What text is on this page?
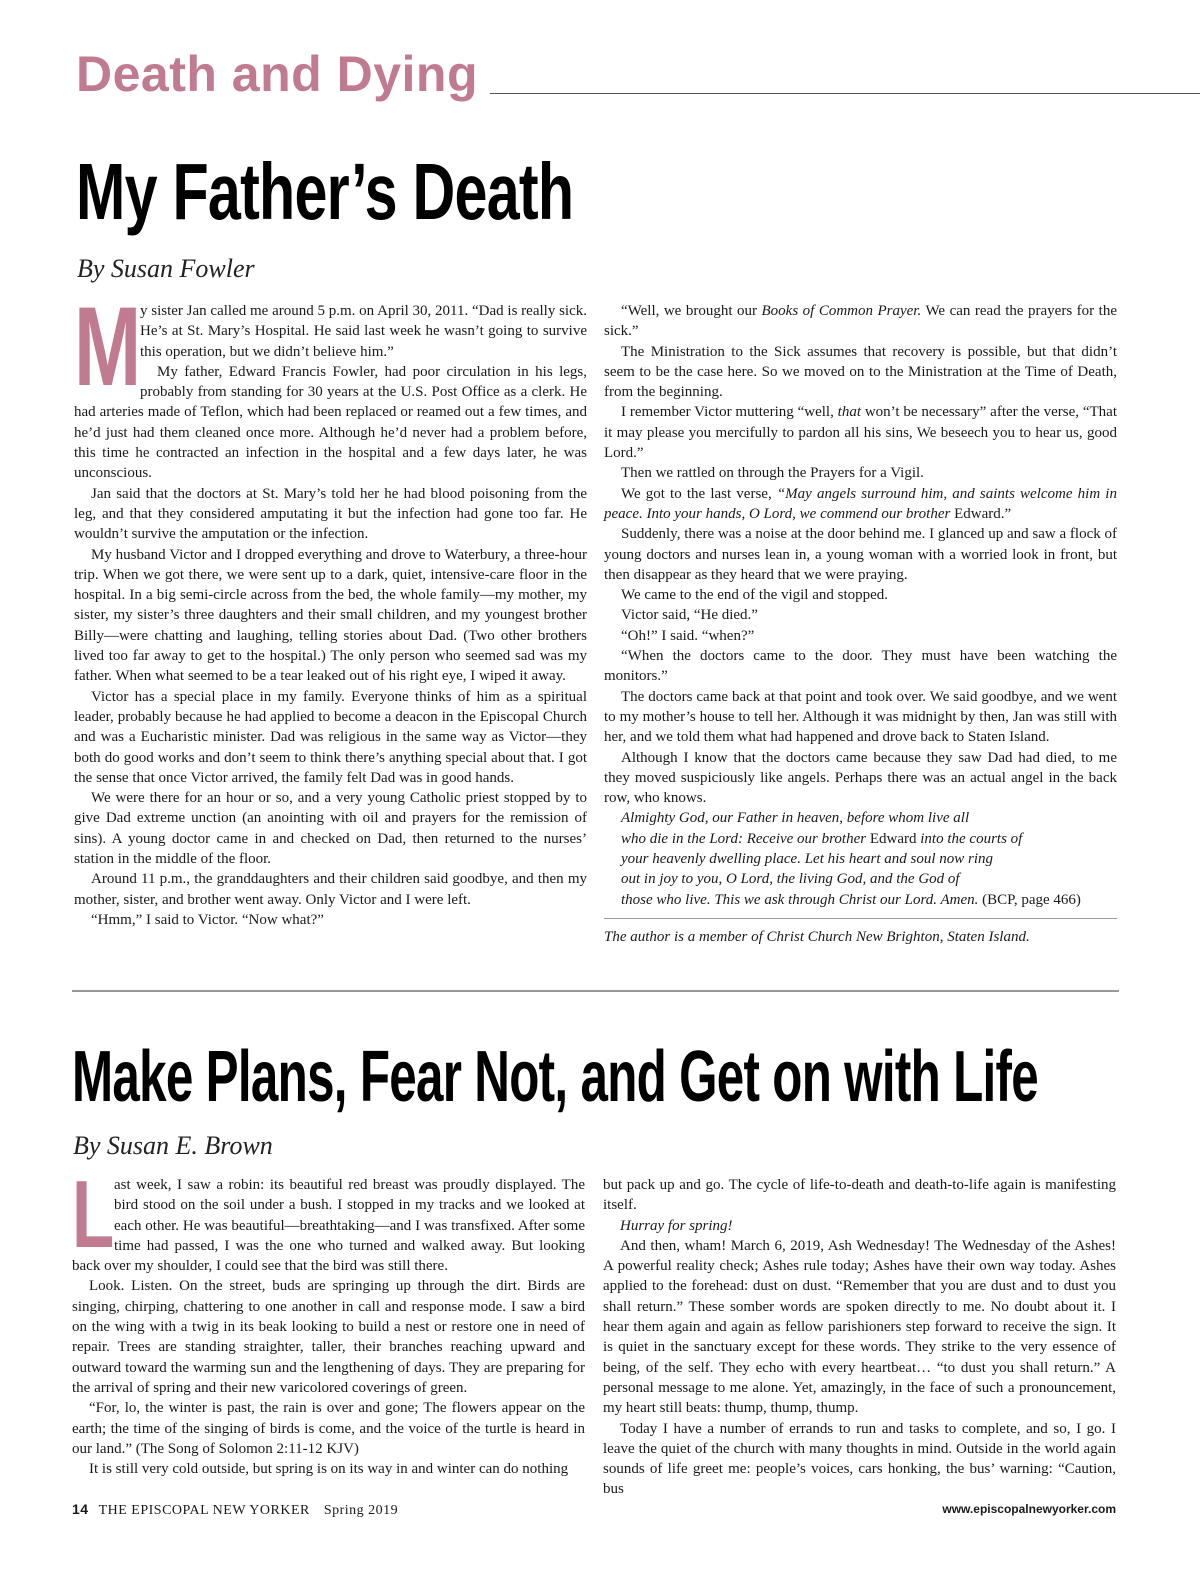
Death and Dying
My Father’s Death
By Susan Fowler

M
y sister Jan called me around 5 p.m. on April 30, 2011. “Dad is really sick. He’s at St. Mary’s Hospital. He said last week he wasn’t going to survive this operation, but we didn’t believe him.”

My father, Edward Francis Fowler, had poor circulation in his legs, probably from standing for 30 years at the U.S. Post Office as a clerk. He had arteries made of Teflon, which had been replaced or reamed out a few times, and he’d just had them cleaned once more. Although he’d never had a problem before, this time he contracted an infection in the hospital and a few days later, he was unconscious.

Jan said that the doctors at St. Mary’s told her he had blood poisoning from the leg, and that they considered amputating it but the infection had gone too far. He wouldn’t survive the amputation or the infection.

My husband Victor and I dropped everything and drove to Waterbury, a three-hour trip. When we got there, we were sent up to a dark, quiet, intensive-care floor in the hospital. In a big semi-circle across from the bed, the whole family—my mother, my sister, my sister’s three daughters and their small children, and my youngest brother Billy—were chatting and laughing, telling stories about Dad. (Two other brothers lived too far away to get to the hospital.) The only person who seemed sad was my father. When what seemed to be a tear leaked out of his right eye, I wiped it away.

Victor has a special place in my family. Everyone thinks of him as a spiritual leader, probably because he had applied to become a deacon in the Episcopal Church and was a Eucharistic minister. Dad was religious in the same way as Victor—they both do good works and don’t seem to think there’s anything special about that. I got the sense that once Victor arrived, the family felt Dad was in good hands.

We were there for an hour or so, and a very young Catholic priest stopped by to give Dad extreme unction (an anointing with oil and prayers for the remission of sins). A young doctor came in and checked on Dad, then returned to the nurses’ station in the middle of the floor.

Around 11 p.m., the granddaughters and their children said goodbye, and then my mother, sister, and brother went away. Only Victor and I were left.

“Hmm,” I said to Victor. “Now what?”

“Well, we brought our Books of Common Prayer. We can read the prayers for the sick.”

The Ministration to the Sick assumes that recovery is possible, but that didn’t seem to be the case here. So we moved on to the Ministration at the Time of Death, from the beginning.

I remember Victor muttering “well, that won’t be necessary” after the verse, “That it may please you mercifully to pardon all his sins, We beseech you to hear us, good Lord.”

Then we rattled on through the Prayers for a Vigil.

We got to the last verse, “May angels surround him, and saints welcome him in peace. Into your hands, O Lord, we commend our brother Edward.”

Suddenly, there was a noise at the door behind me. I glanced up and saw a flock of young doctors and nurses lean in, a young woman with a worried look in front, but then disappear as they heard that we were praying.

We came to the end of the vigil and stopped.

Victor said, “He died.”

“Oh!” I said. “when?”

“When the doctors came to the door. They must have been watching the monitors.”

The doctors came back at that point and took over. We said goodbye, and we went to my mother’s house to tell her. Although it was midnight by then, Jan was still with her, and we told them what had happened and drove back to Staten Island.

Although I know that the doctors came because they saw Dad had died, to me they moved suspiciously like angels. Perhaps there was an actual angel in the back row, who knows.

Almighty God, our Father in heaven, before whom live all
who die in the Lord: Receive our brother Edward into the courts of
your heavenly dwelling place. Let his heart and soul now ring
out in joy to you, O Lord, the living God, and the God of
those who live. This we ask through Christ our Lord. Amen. (BCP, page 466)

The author is a member of Christ Church New Brighton, Staten Island.

Make Plans, Fear Not, and Get on with Life
By Susan E. Brown

Last week, I saw a robin: its beautiful red breast was proudly displayed. The bird stood on the soil under a bush. I stopped in my tracks and we looked at each other. He was beautiful—breathtaking—and I was transfixed. After some time had passed, I was the one who turned and walked away. But looking back over my shoulder, I could see that the bird was still there.

Look. Listen. On the street, buds are springing up through the dirt. Birds are singing, chirping, chattering to one another in call and response mode. I saw a bird on the wing with a twig in its beak looking to build a nest or restore one in need of repair. Trees are standing straighter, taller, their branches reaching upward and outward toward the warming sun and the lengthening of days. They are preparing for the arrival of spring and their new varicolored coverings of green.

“For, lo, the winter is past, the rain is over and gone; The flowers appear on the earth; the time of the singing of birds is come, and the voice of the turtle is heard in our land.” (The Song of Solomon 2:11-12 KJV)

It is still very cold outside, but spring is on its way in and winter can do nothing

but pack up and go. The cycle of life-to-death and death-to-life again is manifesting itself.

Hurray for spring!

And then, wham! March 6, 2019, Ash Wednesday! The Wednesday of the Ashes! A powerful reality check; Ashes rule today; Ashes have their own way today. Ashes applied to the forehead: dust on dust. “Remember that you are dust and to dust you shall return.” These somber words are spoken directly to me. No doubt about it. I hear them again and again as fellow parishioners step forward to receive the sign. It is quiet in the sanctuary except for these words. They strike to the very essence of being, of the self. They echo with every heartbeat… “to dust you shall return.” A personal message to me alone. Yet, amazingly, in the face of such a pronouncement, my heart still beats: thump, thump, thump.

Today I have a number of errands to run and tasks to complete, and so, I go. I leave the quiet of the church with many thoughts in mind. Outside in the world again sounds of life greet me: people’s voices, cars honking, the bus’ warning: “Caution, bus

14 THE EPISCOPAL NEW YORKER Spring 2019	www.episcopalnewyorker.com
